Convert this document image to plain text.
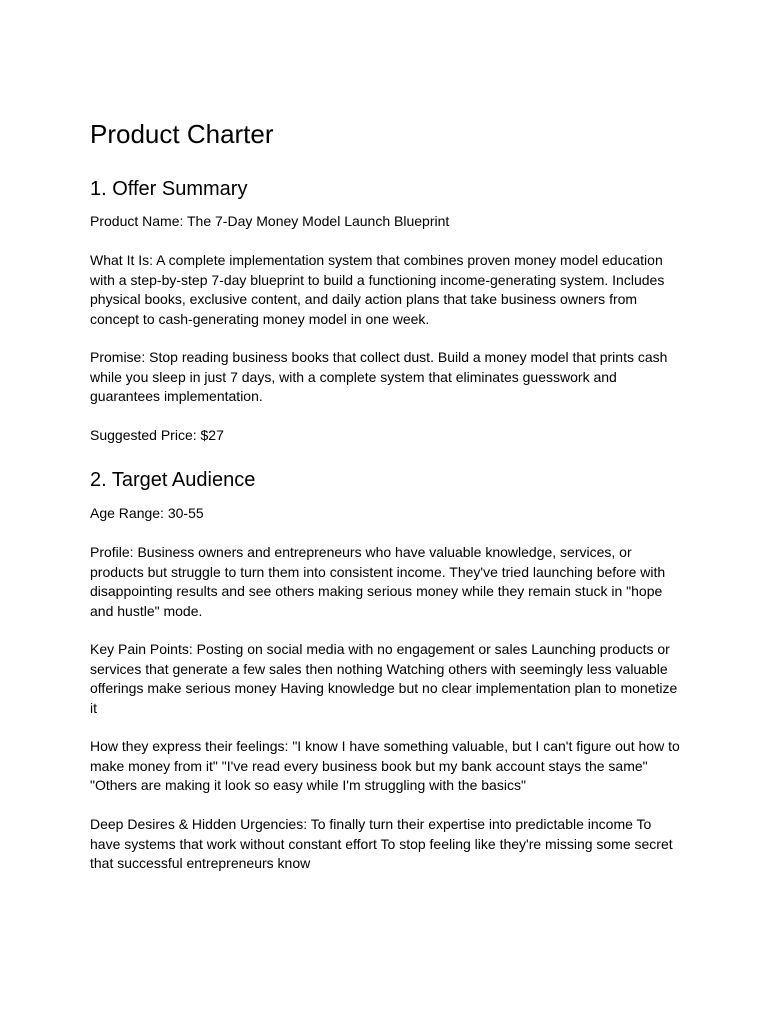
Product Charter
1. Offer Summary

Product Name: The 7-Day Money Model Launch Blueprint

What It Is: A complete implementation system that combines proven money model education with a step-by-step 7-day blueprint to build a functioning income-generating system. Includes physical books, exclusive content, and daily action plans that take business owners from concept to cash-generating money model in one week.

Promise: Stop reading business books that collect dust. Build a money model that prints cash while you sleep in just 7 days, with a complete system that eliminates guesswork and guarantees implementation.

Suggested Price: $27

2. Target Audience

Age Range: 30-55

Profile: Business owners and entrepreneurs who have valuable knowledge, services, or products but struggle to turn them into consistent income. They've tried launching before with disappointing results and see others making serious money while they remain stuck in "hope and hustle" mode.

Key Pain Points: Posting on social media with no engagement or sales Launching products or services that generate a few sales then nothing Watching others with seemingly less valuable offerings make serious money Having knowledge but no clear implementation plan to monetize it

How they express their feelings: "I know I have something valuable, but I can't figure out how to make money from it" "I've read every business book but my bank account stays the same" "Others are making it look so easy while I'm struggling with the basics"

Deep Desires & Hidden Urgencies: To finally turn their expertise into predictable income To have systems that work without constant effort To stop feeling like they're missing some secret that successful entrepreneurs know
